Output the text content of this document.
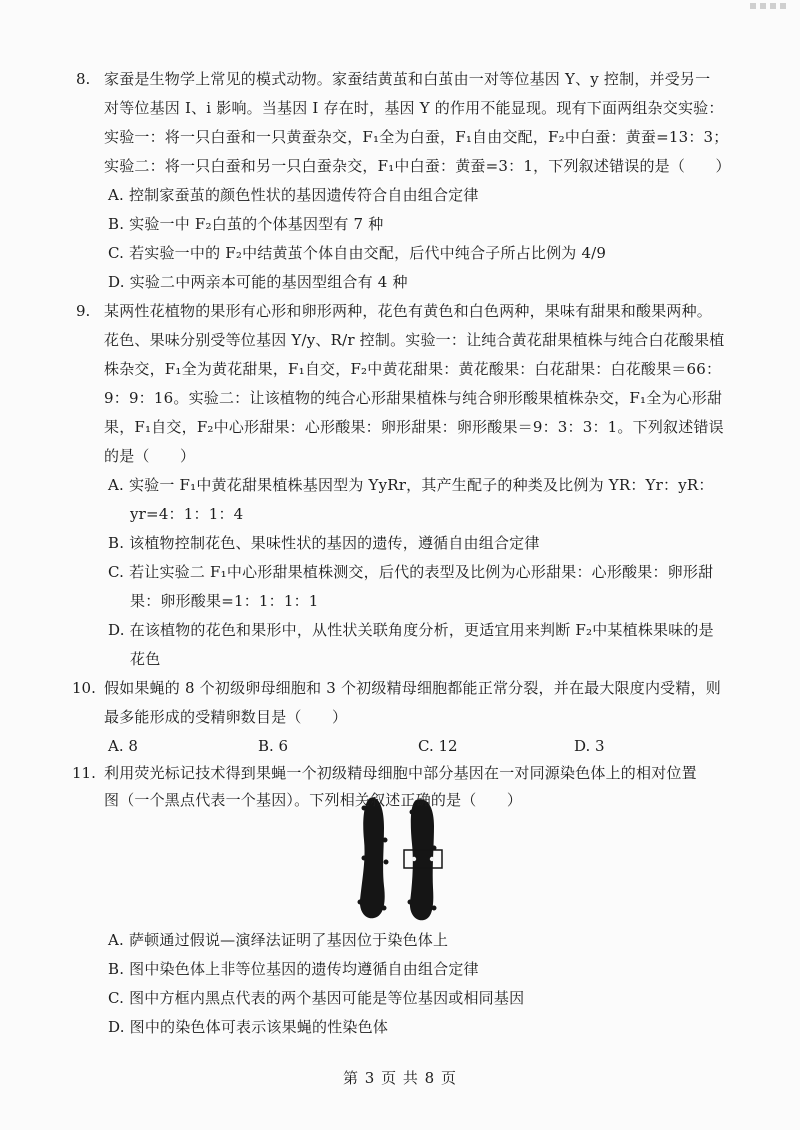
8. 家蚕是生物学上常见的模式动物。家蚕结黄茧和白茧由一对等位基因 Y、y 控制，并受另一
对等位基因 I、i 影响。当基因 I 存在时，基因 Y 的作用不能显现。现有下面两组杂交实验：
实验一：将一只白蚕和一只黄蚕杂交，F₁全为白蚕，F₁自由交配，F₂中白蚕：黄蚕=13：3；
实验二：将一只白蚕和另一只白蚕杂交，F₁中白蚕：黄蚕=3：1，下列叙述错误的是（　　）
A. 控制家蚕茧的颜色性状的基因遗传符合自由组合定律
B. 实验一中 F₂白茧的个体基因型有 7 种
C. 若实验一中的 F₂中结黄茧个体自由交配，后代中纯合子所占比例为 4/9
D. 实验二中两亲本可能的基因型组合有 4 种
9. 某两性花植物的果形有心形和卵形两种，花色有黄色和白色两种，果味有甜果和酸果两种。
花色、果味分别受等位基因 Y/y、R/r 控制。实验一：让纯合黄花甜果植株与纯合白花酸果植
株杂交，F₁全为黄花甜果，F₁自交，F₂中黄花甜果：黄花酸果：白花甜果：白花酸果＝66：
9：9：16。实验二：让该植物的纯合心形甜果植株与纯合卵形酸果植株杂交，F₁全为心形甜
果，F₁自交，F₂中心形甜果：心形酸果：卵形甜果：卵形酸果＝9：3：3：1。下列叙述错误
的是（　　）
A. 实验一 F₁中黄花甜果植株基因型为 YyRr，其产生配子的种类及比例为 YR：Yr：yR：
yr=4：1：1：4
B. 该植物控制花色、果味性状的基因的遗传，遵循自由组合定律
C. 若让实验二 F₁中心形甜果植株测交，后代的表型及比例为心形甜果：心形酸果：卵形甜
果：卵形酸果=1：1：1：1
D. 在该植物的花色和果形中，从性状关联角度分析，更适宜用来判断 F₂中某植株果味的是
花色
10. 假如果蝇的 8 个初级卵母细胞和 3 个初级精母细胞都能正常分裂，并在最大限度内受精，则
最多能形成的受精卵数目是（　　）
A. 8	B. 6	C. 12	D. 3
11. 利用荧光标记技术得到果蝇一个初级精母细胞中部分基因在一对同源染色体上的相对位置
图（一个黑点代表一个基因）。下列相关叙述正确的是（　　）
A. 萨顿通过假说—演绎法证明了基因位于染色体上
B. 图中染色体上非等位基因的遗传均遵循自由组合定律
C. 图中方框内黑点代表的两个基因可能是等位基因或相同基因
D. 图中的染色体可表示该果蝇的性染色体
第 3 页 共 8 页
